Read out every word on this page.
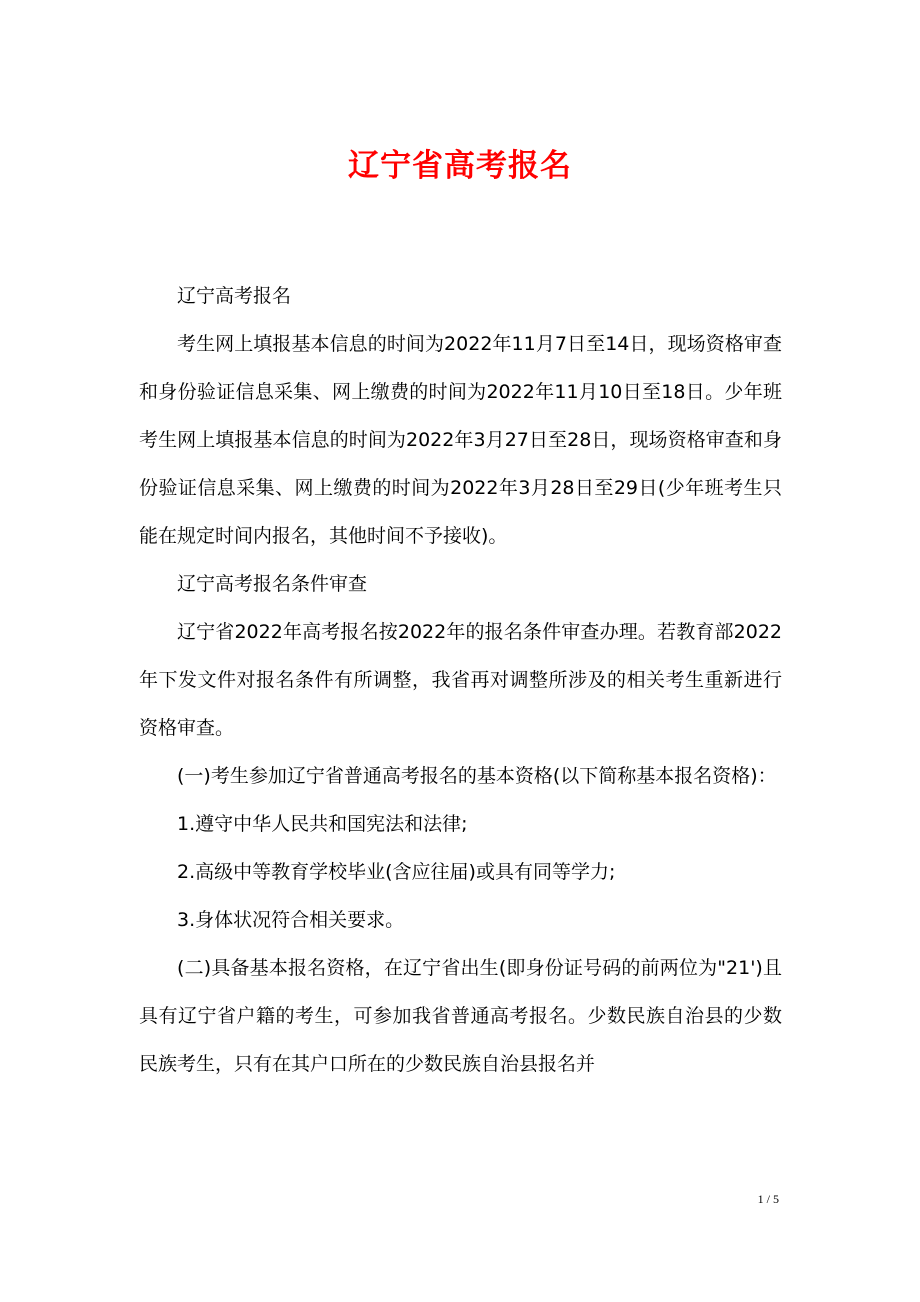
辽宁省高考报名

辽宁高考报名

考生网上填报基本信息的时间为2022年11月7日至14日，现场资格审查和身份验证信息采集、网上缴费的时间为2022年11月10日至18日。少年班考生网上填报基本信息的时间为2022年3月27日至28日，现场资格审查和身份验证信息采集、网上缴费的时间为2022年3月28日至29日(少年班考生只能在规定时间内报名，其他时间不予接收)。

辽宁高考报名条件审查

辽宁省2022年高考报名按2022年的报名条件审查办理。若教育部2022年下发文件对报名条件有所调整，我省再对调整所涉及的相关考生重新进行资格审查。

(一)考生参加辽宁省普通高考报名的基本资格(以下简称基本报名资格)：

1.遵守中华人民共和国宪法和法律;

2.高级中等教育学校毕业(含应往届)或具有同等学力;

3.身体状况符合相关要求。

(二)具备基本报名资格，在辽宁省出生(即身份证号码的前两位为"21')且具有辽宁省户籍的考生，可参加我省普通高考报名。少数民族自治县的少数民族考生，只有在其户口所在的少数民族自治县报名并

1 / 5
